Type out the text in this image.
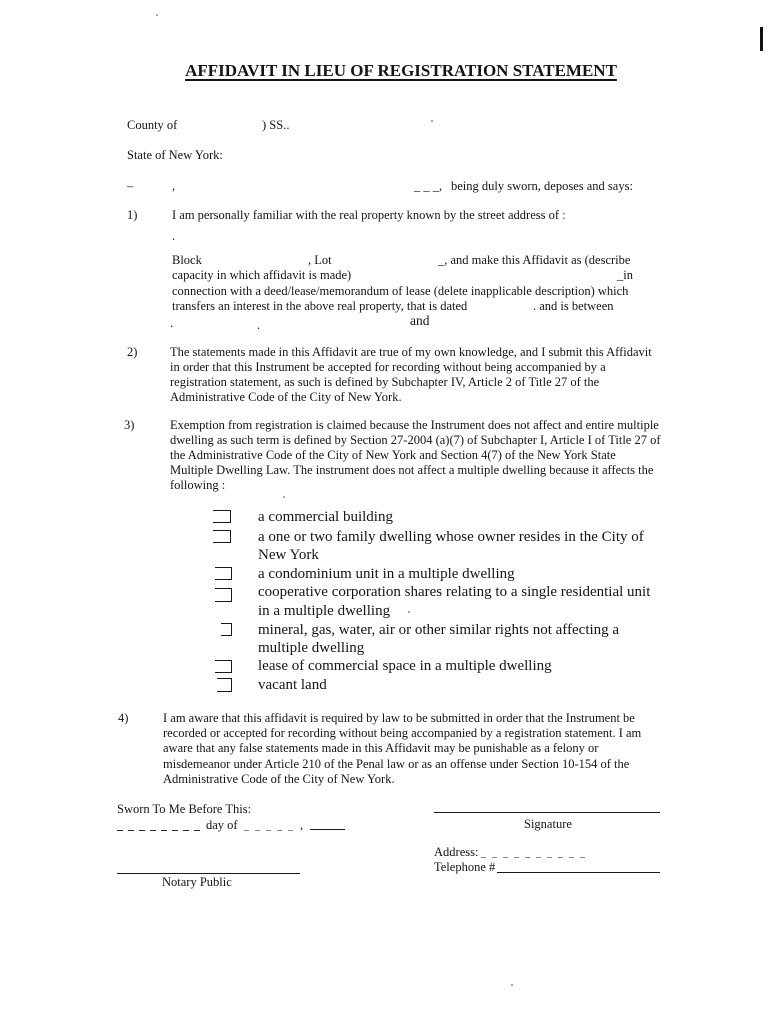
AFFIDAVIT IN LIEU OF REGISTRATION STATEMENT
County of	) SS..
State of New York:
–	,	_ _ _, being duly sworn, deposes and says:
1)	I am personally familiar with the real property known by the street address of :
.
Block	, Lot	_, and make this Affidavit as (describe
capacity in which affidavit is made)	_in
connection with a deed/lease/memorandum of lease (delete inapplicable description) which
transfers an interest in the above real property, that is dated	. and is between
.	.	and
2)	The statements made in this Affidavit are true of my own knowledge, and I submit this Affidavit
in order that this Instrument be accepted for recording without being accompanied by a
registration statement, as such is defined by Subchapter IV, Article 2 of Title 27 of the
Administrative Code of the City of New York.
3)	Exemption from registration is claimed because the Instrument does not affect and entire multiple
dwelling as such term is defined by Section 27-2004 (a)(7) of Subchapter I, Article I of Title 27 of
the Administrative Code of the City of New York and Section 4(7) of the New York State
Multiple Dwelling Law. The instrument does not affect a multiple dwelling because it affects the
following :
a commercial building
a one or two family dwelling whose owner resides in the City of
New York
a condominium unit in a multiple dwelling
cooperative corporation shares relating to a single residential unit
in a multiple dwelling
mineral, gas, water, air or other similar rights not affecting a
multiple dwelling
lease of commercial space in a multiple dwelling
vacant land
4)	I am aware that this affidavit is required by law to be submitted in order that the Instrument be
recorded or accepted for recording without being accompanied by a registration statement. I am
aware that any false statements made in this Affidavit may be punishable as a felony or
misdemeanor under Article 210 of the Penal law or as an offense under Section 10-154 of the
Administrative Code of the City of New York.
Sworn To Me Before This:
day of	,
Notary Public
Signature
Address:
Telephone #
